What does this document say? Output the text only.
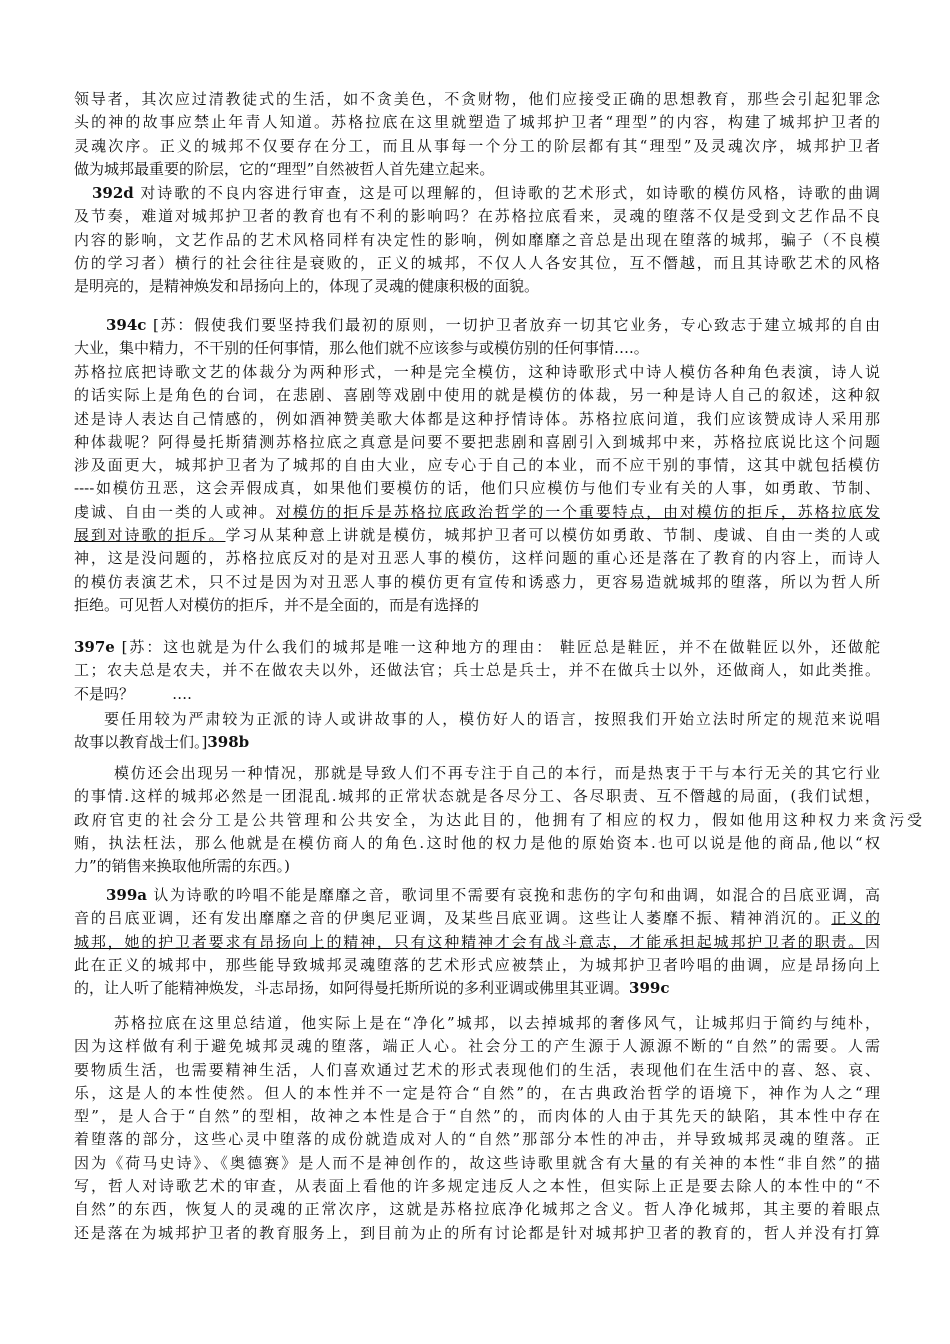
领导者，其次应过清教徒式的生活，如不贪美色，不贪财物，他们应接受正确的思想教育，那些会引起犯罪念
头的神的故事应禁止年青人知道。苏格拉底在这里就塑造了城邦护卫者“理型”的内容，构建了城邦护卫者的
灵魂次序。正义的城邦不仅要存在分工，而且从事每一个分工的阶层都有其“理型”及灵魂次序，城邦护卫者
做为城邦最重要的阶层，它的“理型”自然被哲人首先建立起来。
392d 对诗歌的不良内容进行审查，这是可以理解的，但诗歌的艺术形式，如诗歌的模仿风格，诗歌的曲调
及节奏，难道对城邦护卫者的教育也有不利的影响吗？在苏格拉底看来，灵魂的堕落不仅是受到文艺作品不良
内容的影响，文艺作品的艺术风格同样有决定性的影响，例如靡靡之音总是出现在堕落的城邦，骗子（不良模
仿的学习者）横行的社会往往是衰败的，正义的城邦，不仅人人各安其位，互不僭越，而且其诗歌艺术的风格
是明亮的，是精神焕发和昂扬向上的，体现了灵魂的健康积极的面貌。
394c [苏：假使我们要坚持我们最初的原则，一切护卫者放弃一切其它业务，专心致志于建立城邦的自由
大业，集中精力，不干别的任何事情，那么他们就不应该参与或模仿别的任何事情….。
苏格拉底把诗歌文艺的体裁分为两种形式，一种是完全模仿，这种诗歌形式中诗人模仿各种角色表演，诗人说
的话实际上是角色的台词，在悲剧、喜剧等戏剧中使用的就是模仿的体裁，另一种是诗人自己的叙述，这种叙
述是诗人表达自己情感的，例如酒神赞美歌大体都是这种抒情诗体。苏格拉底问道，我们应该赞成诗人采用那
种体裁呢？阿得曼托斯猜测苏格拉底之真意是问要不要把悲剧和喜剧引入到城邦中来，苏格拉底说比这个问题
涉及面更大，城邦护卫者为了城邦的自由大业，应专心于自己的本业，而不应干别的事情，这其中就包括模仿
----如模仿丑恶，这会弄假成真，如果他们要模仿的话，他们只应模仿与他们专业有关的人事，如勇敢、节制、
虔诚、自由一类的人或神。对模仿的拒斥是苏格拉底政治哲学的一个重要特点，由对模仿的拒斥，苏格拉底发
展到对诗歌的拒斥。学习从某种意上讲就是模仿，城邦护卫者可以模仿如勇敢、节制、虔诚、自由一类的人或
神，这是没问题的，苏格拉底反对的是对丑恶人事的模仿，这样问题的重心还是落在了教育的内容上，而诗人
的模仿表演艺术，只不过是因为对丑恶人事的模仿更有宣传和诱惑力，更容易造就城邦的堕落，所以为哲人所
拒绝。可见哲人对模仿的拒斥，并不是全面的，而是有选择的
397e [苏：这也就是为什么我们的城邦是唯一这种地方的理由： 鞋匠总是鞋匠，并不在做鞋匠以外，还做舵
工；农夫总是农夫，并不在做农夫以外，还做法官；兵士总是兵士，并不在做兵士以外，还做商人，如此类推。
不是吗？        ….
要任用较为严肃较为正派的诗人或讲故事的人，模仿好人的语言，按照我们开始立法时所定的规范来说唱
故事以教育战士们。]398b
模仿还会出现另一种情况，那就是导致人们不再专注于自己的本行，而是热衷于干与本行无关的其它行业
的事情.这样的城邦必然是一团混乱.城邦的正常状态就是各尽分工、各尽职责、互不僭越的局面，(我们试想，
政府官吏的社会分工是公共管理和公共安全，为达此目的，他拥有了相应的权力，假如他用这种权力来贪污受
贿，执法枉法，那么他就是在模仿商人的角色.这时他的权力是他的原始资本.也可以说是他的商品,他以“权
力”的销售来换取他所需的东西。)
399a 认为诗歌的吟唱不能是靡靡之音，歌词里不需要有哀挽和悲伤的字句和曲调，如混合的吕底亚调，高
音的吕底亚调，还有发出靡靡之音的伊奥尼亚调，及某些吕底亚调。这些让人萎靡不振、精神消沉的。正义的
城邦，她的护卫者要求有昂扬向上的精神，只有这种精神才会有战斗意志，才能承担起城邦护卫者的职责。因
此在正义的城邦中，那些能导致城邦灵魂堕落的艺术形式应被禁止，为城邦护卫者吟唱的曲调，应是昂扬向上
的，让人听了能精神焕发，斗志昂扬，如阿得曼托斯所说的多利亚调或佛里其亚调。399c
苏格拉底在这里总结道，他实际上是在“净化”城邦，以去掉城邦的奢侈风气，让城邦归于简约与纯朴，
因为这样做有利于避免城邦灵魂的堕落，端正人心。社会分工的产生源于人源源不断的“自然”的需要。人需
要物质生活，也需要精神生活，人们喜欢通过艺术的形式表现他们的生活，表现他们在生活中的喜、怒、哀、
乐，这是人的本性使然。但人的本性并不一定是符合“自然”的，在古典政治哲学的语境下，神作为人之“理
型”，是人合于“自然”的型相，故神之本性是合于“自然”的，而肉体的人由于其先天的缺陷，其本性中存在
着堕落的部分，这些心灵中堕落的成份就造成对人的“自然”那部分本性的冲击，并导致城邦灵魂的堕落。正
因为《荷马史诗》、《奥德赛》是人而不是神创作的，故这些诗歌里就含有大量的有关神的本性“非自然”的描
写，哲人对诗歌艺术的审查，从表面上看他的许多规定违反人之本性，但实际上正是要去除人的本性中的“不
自然”的东西，恢复人的灵魂的正常次序，这就是苏格拉底净化城邦之含义。哲人净化城邦，其主要的着眼点
还是落在为城邦护卫者的教育服务上，到目前为止的所有讨论都是针对城邦护卫者的教育的，哲人并没有打算
